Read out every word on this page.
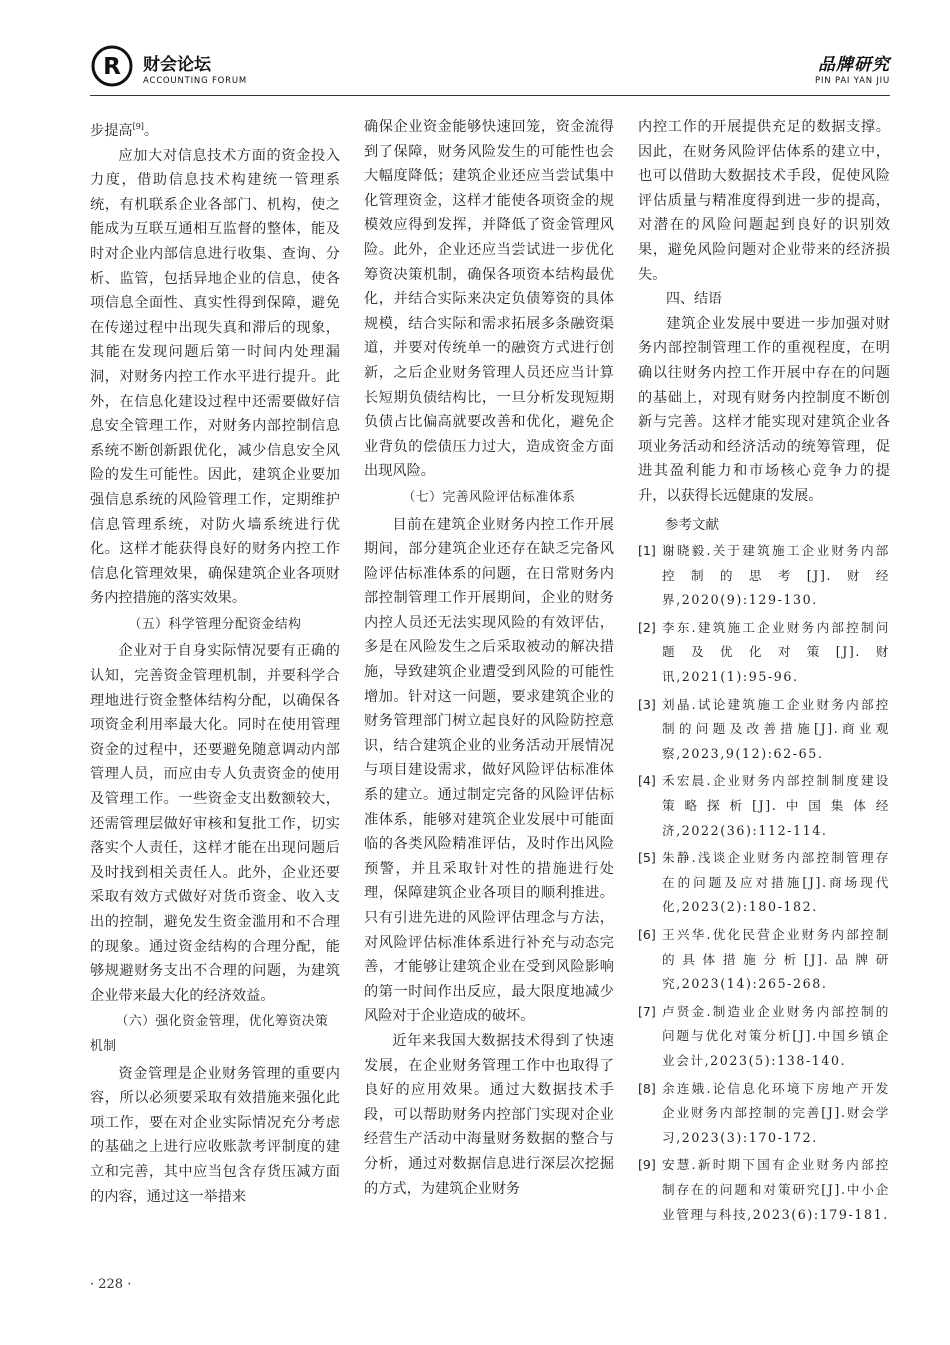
R 财会论坛
ACCOUNTING FORUM
品牌研究
PIN PAI YAN JIU

步提高[9]。

应加大对信息技术方面的资金投入力度，借助信息技术构建统一管理系统，有机联系企业各部门、机构，使之能成为互联互通相互监督的整体，能及时对企业内部信息进行收集、查询、分析、监管，包括异地企业的信息，使各项信息全面性、真实性得到保障，避免在传递过程中出现失真和滞后的现象，其能在发现问题后第一时间内处理漏洞，对财务内控工作水平进行提升。此外，在信息化建设过程中还需要做好信息安全管理工作，对财务内部控制信息系统不断创新跟优化，减少信息安全风险的发生可能性。因此，建筑企业要加强信息系统的风险管理工作，定期维护信息管理系统，对防火墙系统进行优化。这样才能获得良好的财务内控工作信息化管理效果，确保建筑企业各项财务内控措施的落实效果。

（五）科学管理分配资金结构

企业对于自身实际情况要有正确的认知，完善资金管理机制，并要科学合理地进行资金整体结构分配，以确保各项资金利用率最大化。同时在使用管理资金的过程中，还要避免随意调动内部管理人员，而应由专人负责资金的使用及管理工作。一些资金支出数额较大，还需管理层做好审核和复批工作，切实落实个人责任，这样才能在出现问题后及时找到相关责任人。此外，企业还要采取有效方式做好对货币资金、收入支出的控制，避免发生资金滥用和不合理的现象。通过资金结构的合理分配，能够规避财务支出不合理的问题，为建筑企业带来最大化的经济效益。

（六）强化资金管理，优化筹资决策机制

资金管理是企业财务管理的重要内容，所以必须要采取有效措施来强化此项工作，要在对企业实际情况充分考虑的基础之上进行应收账款考评制度的建立和完善，其中应当包含存货压减方面的内容，通过这一举措来

确保企业资金能够快速回笼，资金流得到了保障，财务风险发生的可能性也会大幅度降低；建筑企业还应当尝试集中化管理资金，这样才能使各项资金的规模效应得到发挥，并降低了资金管理风险。此外，企业还应当尝试进一步优化筹资决策机制，确保各项资本结构最优化，并结合实际来决定负债筹资的具体规模，结合实际和需求拓展多条融资渠道，并要对传统单一的融资方式进行创新，之后企业财务管理人员还应当计算长短期负债结构比，一旦分析发现短期负债占比偏高就要改善和优化，避免企业背负的偿债压力过大，造成资金方面出现风险。

（七）完善风险评估标准体系

目前在建筑企业财务内控工作开展期间，部分建筑企业还存在缺乏完备风险评估标准体系的问题，在日常财务内部控制管理工作开展期间，企业的财务内控人员还无法实现风险的有效评估，多是在风险发生之后采取被动的解决措施，导致建筑企业遭受到风险的可能性增加。针对这一问题，要求建筑企业的财务管理部门树立起良好的风险防控意识，结合建筑企业的业务活动开展情况与项目建设需求，做好风险评估标准体系的建立。通过制定完备的风险评估标准体系，能够对建筑企业发展中可能面临的各类风险精准评估，及时作出风险预警，并且采取针对性的措施进行处理，保障建筑企业各项目的顺利推进。只有引进先进的风险评估理念与方法，对风险评估标准体系进行补充与动态完善，才能够让建筑企业在受到风险影响的第一时间作出反应，最大限度地减少风险对于企业造成的破坏。

近年来我国大数据技术得到了快速发展，在企业财务管理工作中也取得了良好的应用效果。通过大数据技术手段，可以帮助财务内控部门实现对企业经营生产活动中海量财务数据的整合与分析，通过对数据信息进行深层次挖掘的方式，为建筑企业财务

内控工作的开展提供充足的数据支撑。因此，在财务风险评估体系的建立中，也可以借助大数据技术手段，促使风险评估质量与精准度得到进一步的提高，对潜在的风险问题起到良好的识别效果，避免风险问题对企业带来的经济损失。

四、结语

建筑企业发展中要进一步加强对财务内部控制管理工作的重视程度，在明确以往财务内控工作开展中存在的问题的基础上，对现有财务内控制度不断创新与完善。这样才能实现对建筑企业各项业务活动和经济活动的统筹管理，促进其盈利能力和市场核心竞争力的提升，以获得长远健康的发展。

参考文献
[1] 谢晓毅.关于建筑施工企业财务内部控制的思考[J].财经界,2020(9):129-130.
[2] 李东.建筑施工企业财务内部控制问题及优化对策[J].财讯,2021(1):95-96.
[3] 刘晶.试论建筑施工企业财务内部控制的问题及改善措施[J].商业观察,2023,9(12):62-65.
[4] 禾宏晨.企业财务内部控制制度建设策略探析[J].中国集体经济,2022(36):112-114.
[5] 朱静.浅谈企业财务内部控制管理存在的问题及应对措施[J].商场现代化,2023(2):180-182.
[6] 王兴华.优化民营企业财务内部控制的具体措施分析[J].品牌研究,2023(14):265-268.
[7] 卢贤金.制造业企业财务内部控制的问题与优化对策分析[J].中国乡镇企业会计,2023(5):138-140.
[8] 余连娥.论信息化环境下房地产开发企业财务内部控制的完善[J].财会学习,2023(3):170-172.
[9] 安慧.新时期下国有企业财务内部控制存在的问题和对策研究[J].中小企业管理与科技,2023(6):179-181.
· 228 ·
